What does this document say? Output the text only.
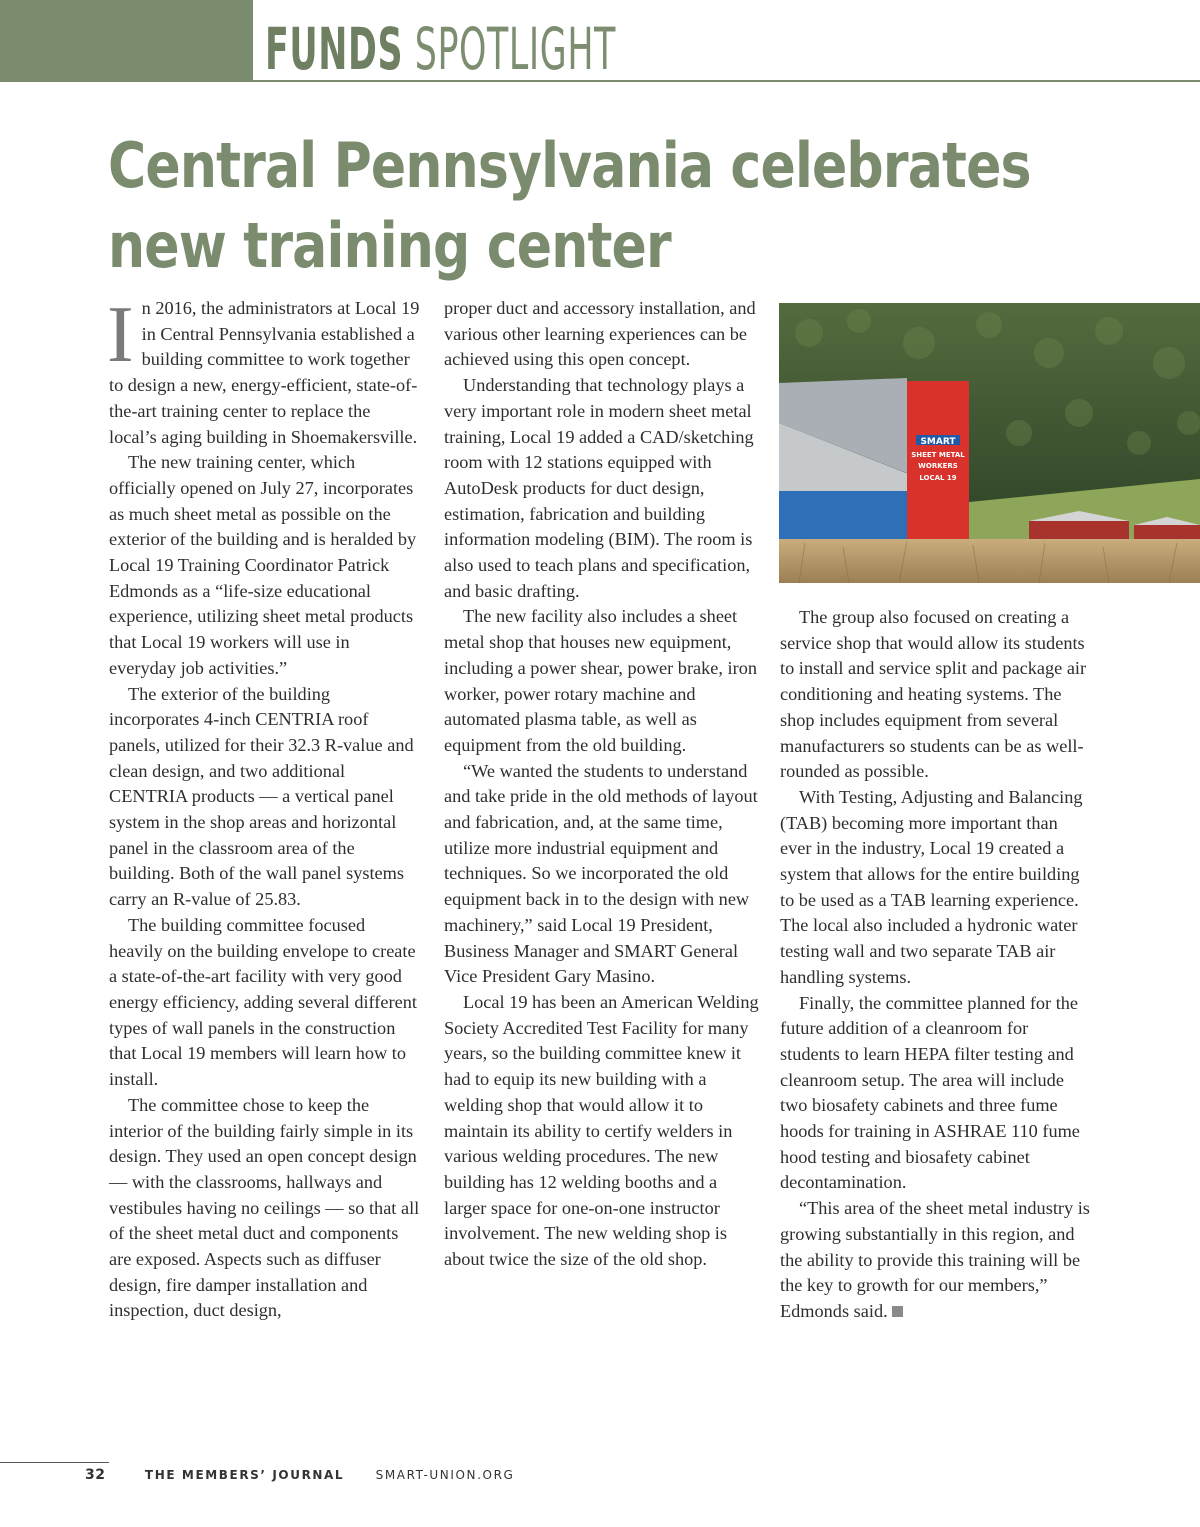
FUNDS SPOTLIGHT
Central Pennsylvania celebrates
new training center

In 2016, the administrators at Local 19 in Central Pennsylvania established a building committee to work together to design a new, energy-efficient, state-of-the-art training center to replace the local’s aging building in Shoemakersville.

The new training center, which officially opened on July 27, incorporates as much sheet metal as possible on the exterior of the building and is heralded by Local 19 Training Coordinator Patrick Edmonds as a “life-size educational experience, utilizing sheet metal products that Local 19 workers will use in everyday job activities.”

The exterior of the building incorporates 4-inch CENTRIA roof panels, utilized for their 32.3 R-value and clean design, and two additional CENTRIA products — a vertical panel system in the shop areas and horizontal panel in the classroom area of the building. Both of the wall panel systems carry an R-value of 25.83.

The building committee focused heavily on the building envelope to create a state-of-the-art facility with very good energy efficiency, adding several different types of wall panels in the construction that Local 19 members will learn how to install.

The committee chose to keep the interior of the building fairly simple in its design. They used an open concept design — with the classrooms, hallways and vestibules having no ceilings — so that all of the sheet metal duct and components are exposed. Aspects such as diffuser design, fire damper installation and inspection, duct design,

proper duct and accessory installation, and various other learning experiences can be achieved using this open concept.

Understanding that technology plays a very important role in modern sheet metal training, Local 19 added a CAD/sketching room with 12 stations equipped with AutoDesk products for duct design, estimation, fabrication and building information modeling (BIM). The room is also used to teach plans and specification, and basic drafting.

The new facility also includes a sheet metal shop that houses new equipment, including a power shear, power brake, iron worker, power rotary machine and automated plasma table, as well as equipment from the old building.

“We wanted the students to understand and take pride in the old methods of layout and fabrication, and, at the same time, utilize more industrial equipment and techniques. So we incorporated the old equipment back in to the design with new machinery,” said Local 19 President, Business Manager and SMART General Vice President Gary Masino.

Local 19 has been an American Welding Society Accredited Test Facility for many years, so the building committee knew it had to equip its new building with a welding shop that would allow it to maintain its ability to certify welders in various welding procedures. The new building has 12 welding booths and a larger space for one-on-one instructor involvement. The new welding shop is about twice the size of the old shop.

SMART
SHEET METAL
WORKERS
LOCAL 19

The group also focused on creating a service shop that would allow its students to install and service split and package air conditioning and heating systems. The shop includes equipment from several manufacturers so students can be as well-rounded as possible.

With Testing, Adjusting and Balancing (TAB) becoming more important than ever in the industry, Local 19 created a system that allows for the entire building to be used as a TAB learning experience. The local also included a hydronic water testing wall and two separate TAB air handling systems.

Finally, the committee planned for the future addition of a cleanroom for students to learn HEPA filter testing and cleanroom setup. The area will include two biosafety cabinets and three fume hoods for training in ASHRAE 110 fume hood testing and biosafety cabinet decontamination.

“This area of the sheet metal industry is growing substantially in this region, and the ability to provide this training will be the key to growth for our members,” Edmonds said.

32	THE MEMBERS’ JOURNAL	SMART-UNION.ORG
